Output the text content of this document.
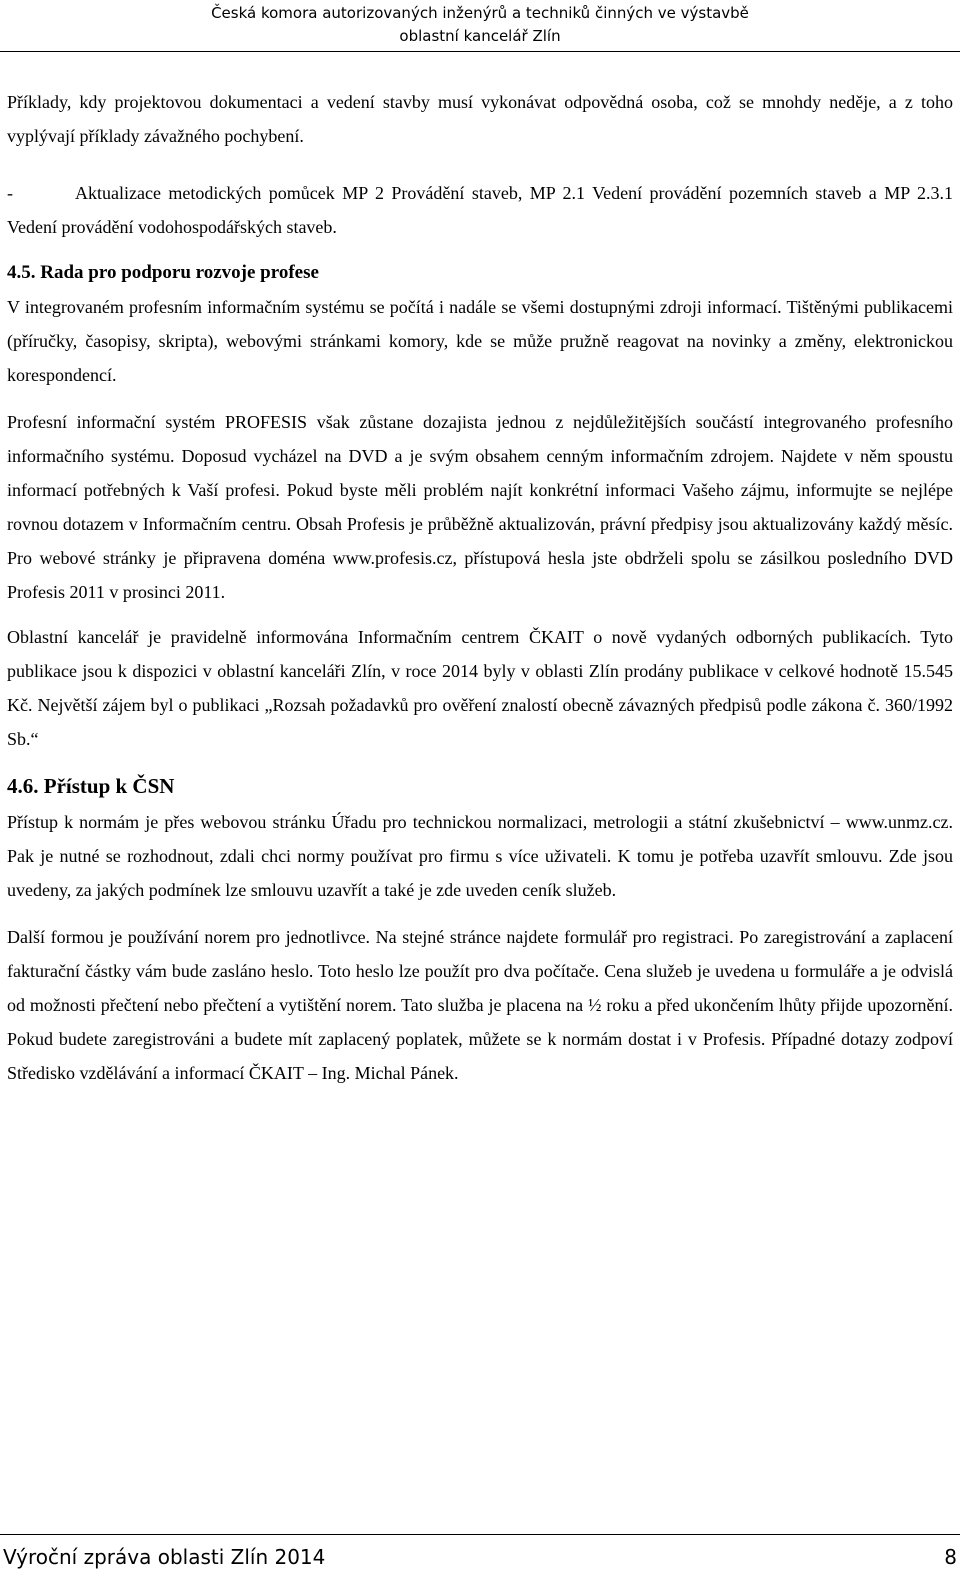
Česká komora autorizovaných inženýrů a techniků činných ve výstavbě
oblastní kancelář Zlín

Příklady, kdy projektovou dokumentaci a vedení stavby musí vykonávat odpovědná osoba, což se mnohdy neděje, a z toho vyplývají příklady závažného pochybení.

-	Aktualizace metodických pomůcek MP 2 Provádění staveb, MP 2.1 Vedení provádění pozemních staveb a MP 2.3.1 Vedení provádění vodohospodářských staveb.

4.5. Rada pro podporu rozvoje profese

V integrovaném profesním informačním systému se počítá i nadále se všemi dostupnými zdroji informací. Tištěnými publikacemi (příručky, časopisy, skripta), webovými stránkami komory, kde se může pružně reagovat na novinky a změny, elektronickou korespondencí.

Profesní informační systém PROFESIS však zůstane dozajista jednou z nejdůležitějších součástí integrovaného profesního informačního systému. Doposud vycházel na DVD a je svým obsahem cenným informačním zdrojem. Najdete v něm spoustu informací potřebných k Vaší profesi. Pokud byste měli problém najít konkrétní informaci Vašeho zájmu, informujte se nejlépe rovnou dotazem v Informačním centru. Obsah Profesis je průběžně aktualizován, právní předpisy jsou aktualizovány každý měsíc. Pro webové stránky je připravena doména www.profesis.cz, přístupová hesla jste obdrželi spolu se zásilkou posledního DVD Profesis 2011 v prosinci 2011.

Oblastní kancelář je pravidelně informována Informačním centrem ČKAIT o nově vydaných odborných publikacích. Tyto publikace jsou k dispozici v oblastní kanceláři Zlín, v roce 2014 byly v oblasti Zlín prodány publikace v celkové hodnotě 15.545 Kč. Největší zájem byl o publikaci „Rozsah požadavků pro ověření znalostí obecně závazných předpisů podle zákona č. 360/1992 Sb.“

4.6. Přístup k ČSN

Přístup k normám je přes webovou stránku Úřadu pro technickou normalizaci, metrologii a státní zkušebnictví – www.unmz.cz. Pak je nutné se rozhodnout, zdali chci normy používat pro firmu s více uživateli. K tomu je potřeba uzavřít smlouvu. Zde jsou uvedeny, za jakých podmínek lze smlouvu uzavřít a také je zde uveden ceník služeb.

Další formou je používání norem pro jednotlivce. Na stejné stránce najdete formulář pro registraci. Po zaregistrování a zaplacení fakturační částky vám bude zasláno heslo. Toto heslo lze použít pro dva počítače. Cena služeb je uvedena u formuláře a je odvislá od možnosti přečtení nebo přečtení a vytištění norem. Tato služba je placena na ½ roku a před ukončením lhůty přijde upozornění. Pokud budete zaregistrováni a budete mít zaplacený poplatek, můžete se k normám dostat i v Profesis. Případné dotazy zodpoví Středisko vzdělávání a informací ČKAIT – Ing. Michal Pánek.

Výroční zpráva oblasti Zlín 2014	8
